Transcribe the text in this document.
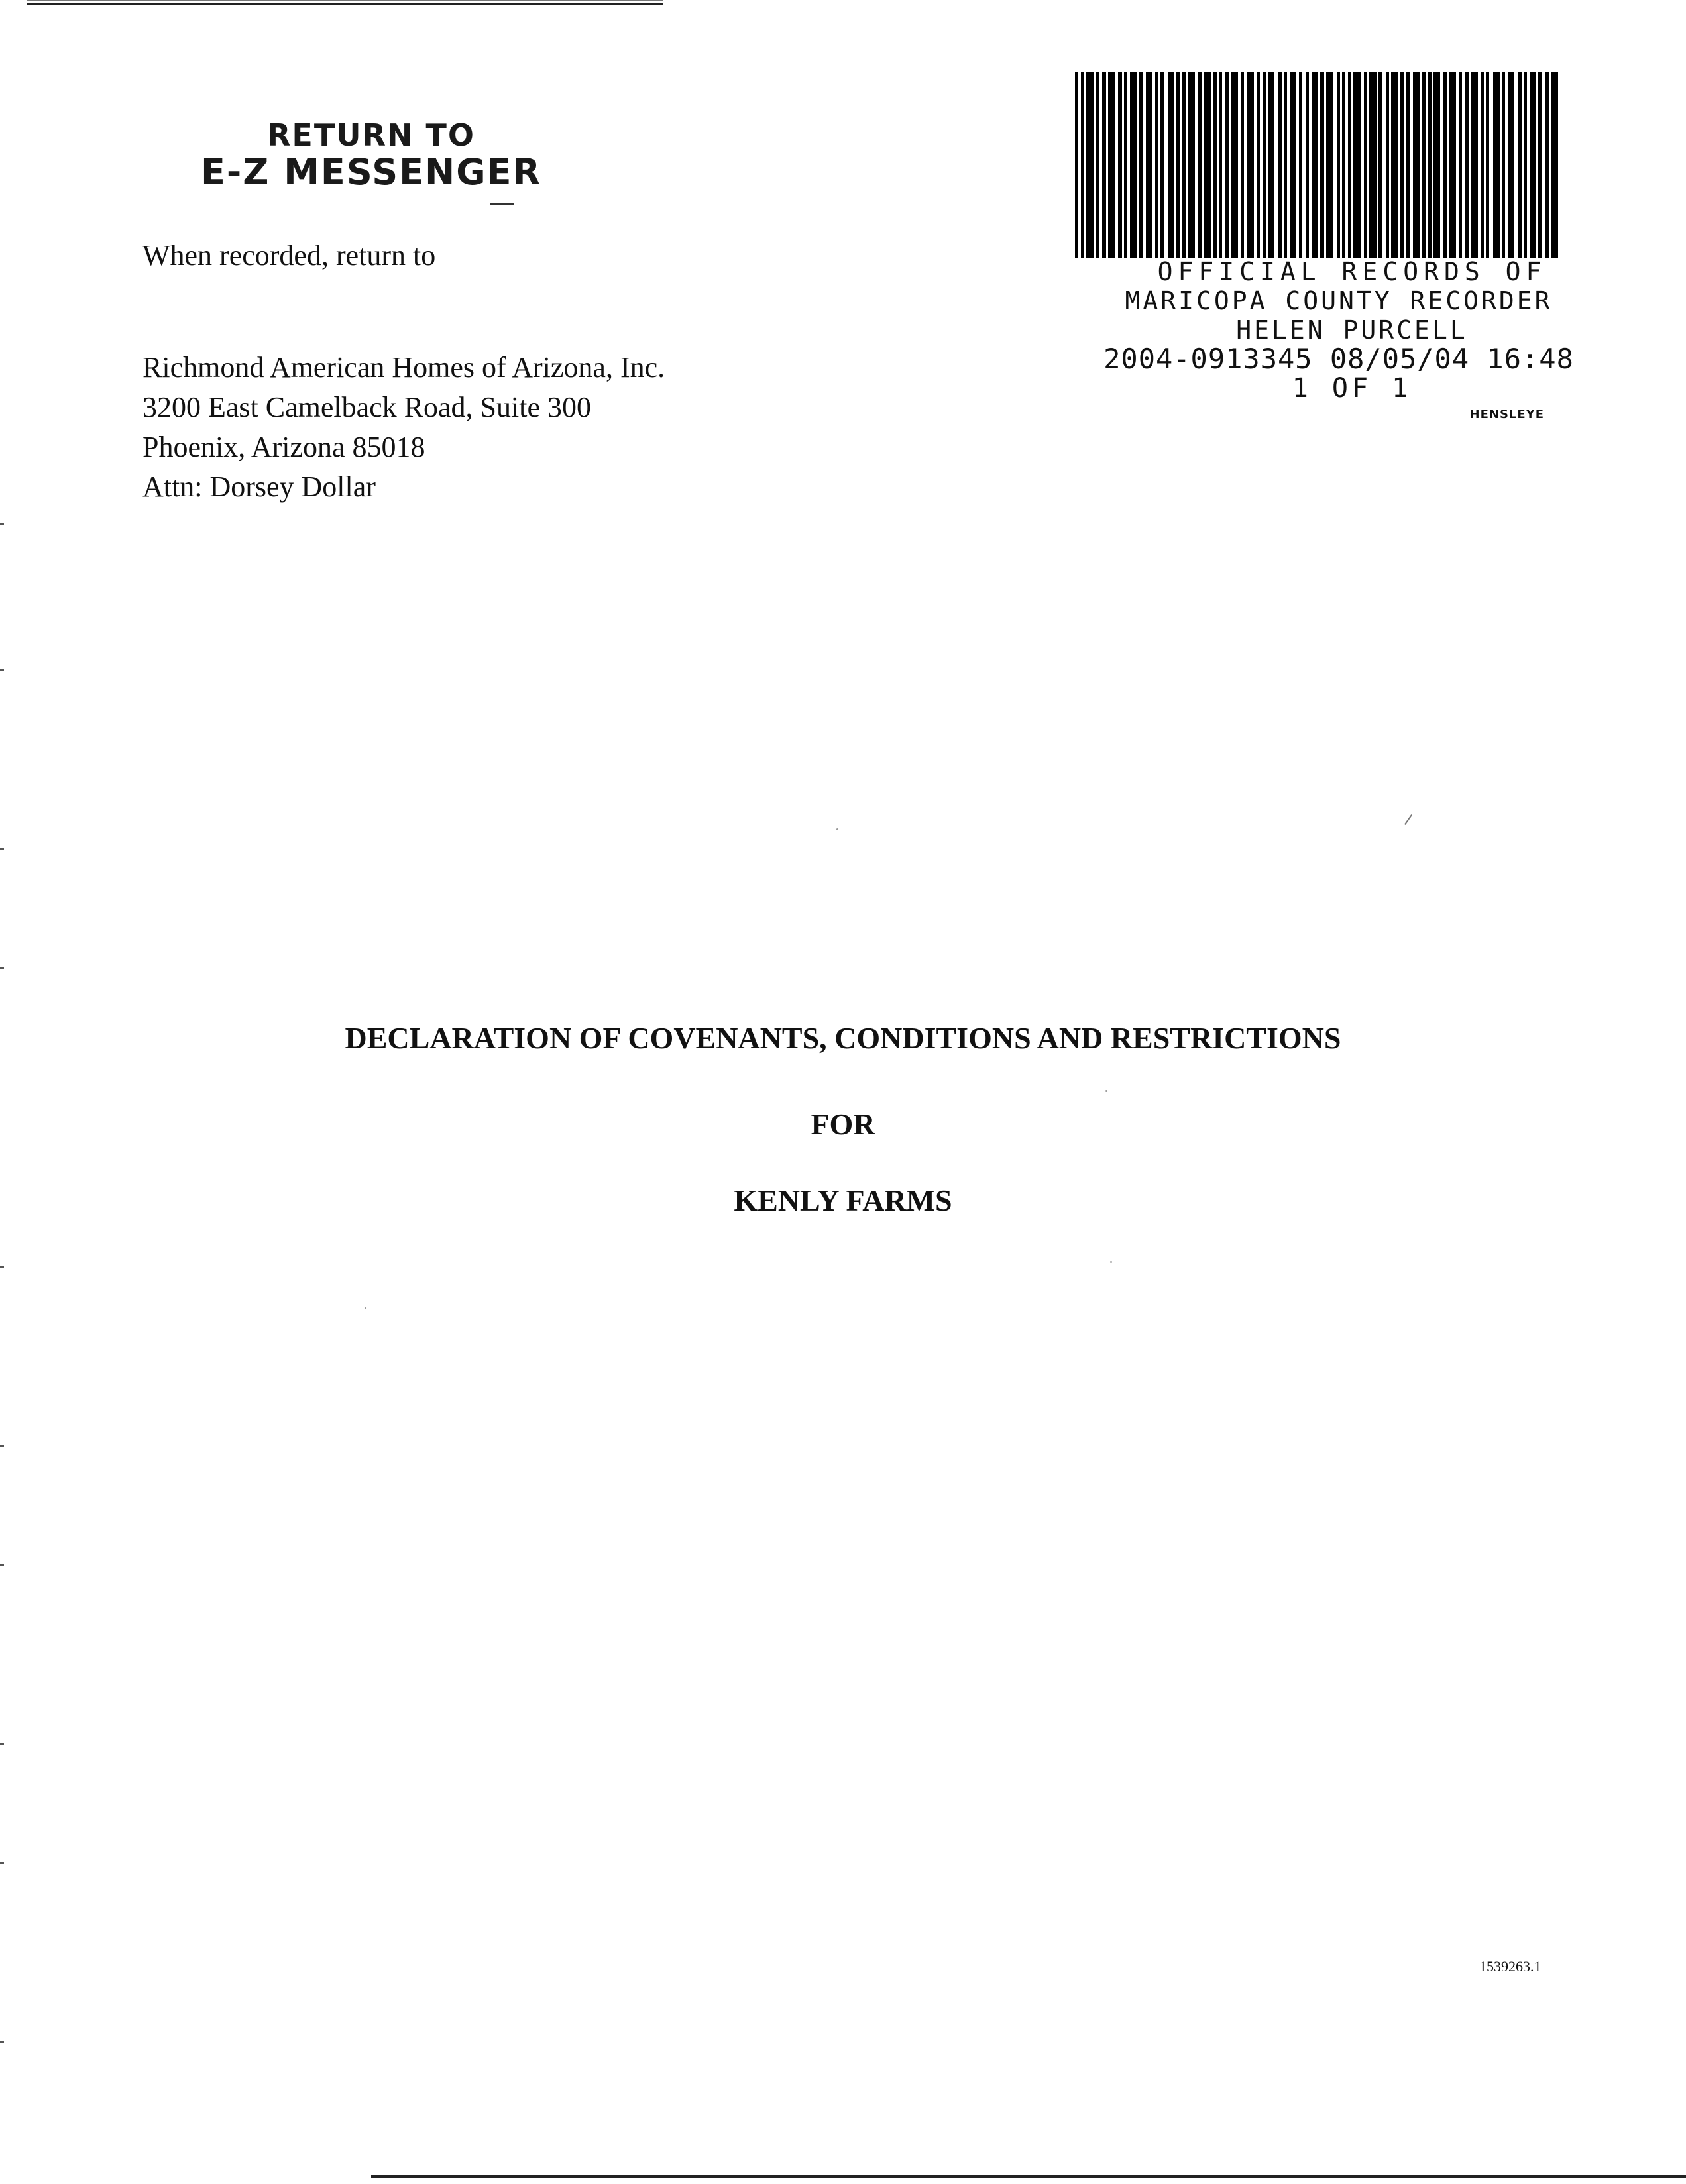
RETURN TO
E-Z MESSENGER
When recorded, return to
Richmond American Homes of Arizona, Inc.
3200 East Camelback Road, Suite 300
Phoenix, Arizona 85018
Attn: Dorsey Dollar
OFFICIAL RECORDS OF
MARICOPA COUNTY RECORDER
HELEN PURCELL
2004-0913345 08/05/04 16:48
1 OF 1
HENSLEYE
DECLARATION OF COVENANTS, CONDITIONS AND RESTRICTIONS
FOR
KENLY FARMS
1539263.1
